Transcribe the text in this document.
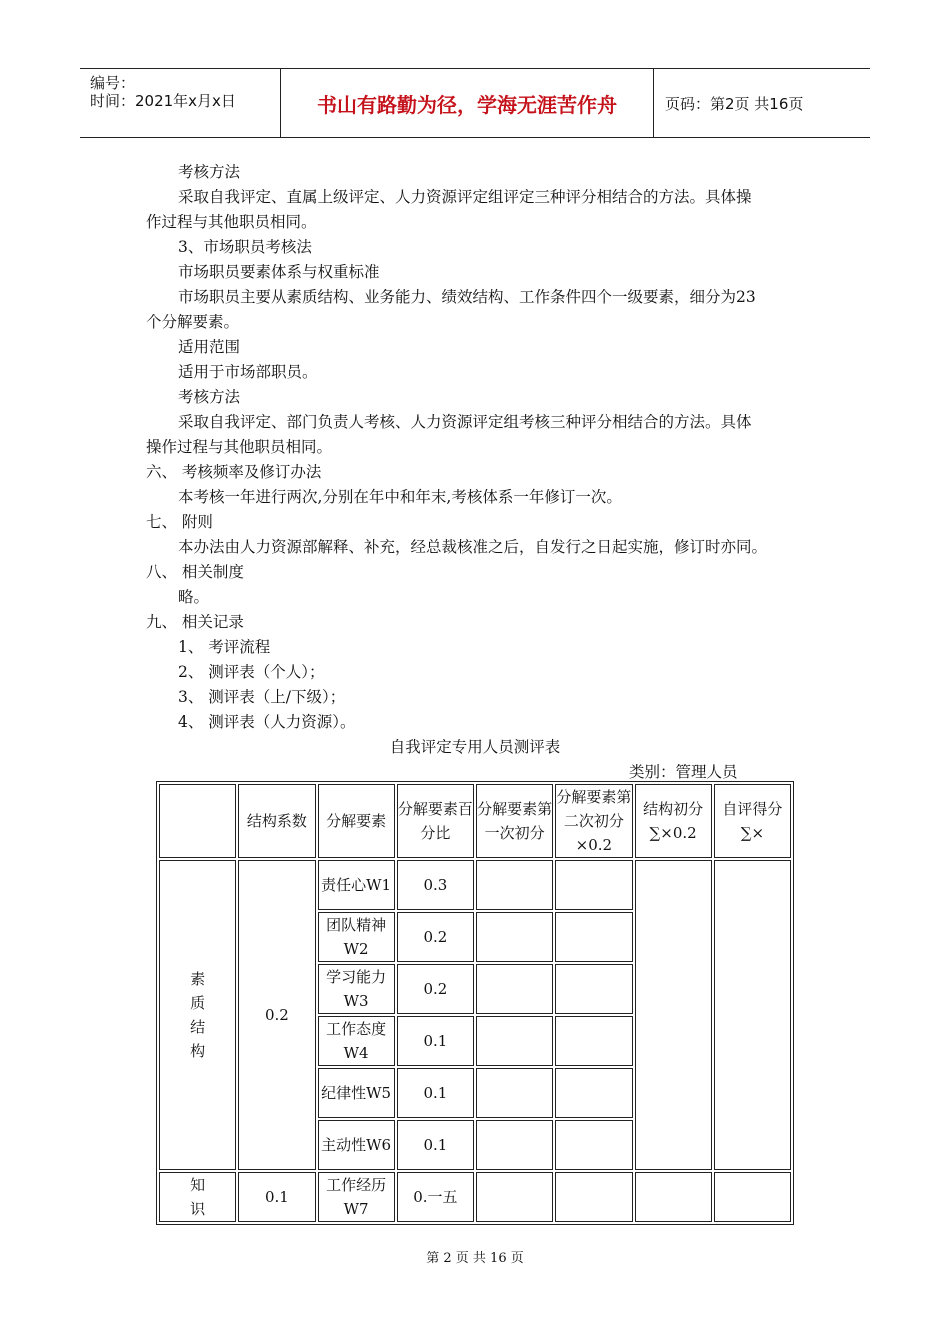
编号：
时间：2021年x月x日	书山有路勤为径，学海无涯苦作舟	页码：第2页 共16页
考核方法
采取自我评定、直属上级评定、人力资源评定组评定三种评分相结合的方法。具体操
作过程与其他职员相同。
3、市场职员考核法
市场职员要素体系与权重标准
市场职员主要从素质结构、业务能力、绩效结构、工作条件四个一级要素，细分为23
个分解要素。
适用范围
适用于市场部职员。
考核方法
采取自我评定、部门负责人考核、人力资源评定组考核三种评分相结合的方法。具体
操作过程与其他职员相同。
六、 考核频率及修订办法
本考核一年进行两次,分别在年中和年末,考核体系一年修订一次。
七、 附则
本办法由人力资源部解释、补充，经总裁核准之后，自发行之日起实施，修订时亦同。
八、 相关制度
略。
九、 相关记录
1、 考评流程
2、 测评表（个人）；
3、 测评表（上/下级）；
4、 测评表（人力资源）。
自我评定专用人员测评表
类别：管理人员
	结构系数	分解要素	分解要素百分比	分解要素第一次初分	分解要素第二次初分×0.2	结构初分∑×0.2	自评得分∑×

素质结构	0.2	责任心W1	0.3				
		团队精神W2	0.2				
		学习能力W3	0.2				
		工作态度W4	0.1				
		纪律性W5	0.1				
		主动性W6	0.1				

知识	0.1	工作经历W7	0.一五				
第 2 页 共 16 页
